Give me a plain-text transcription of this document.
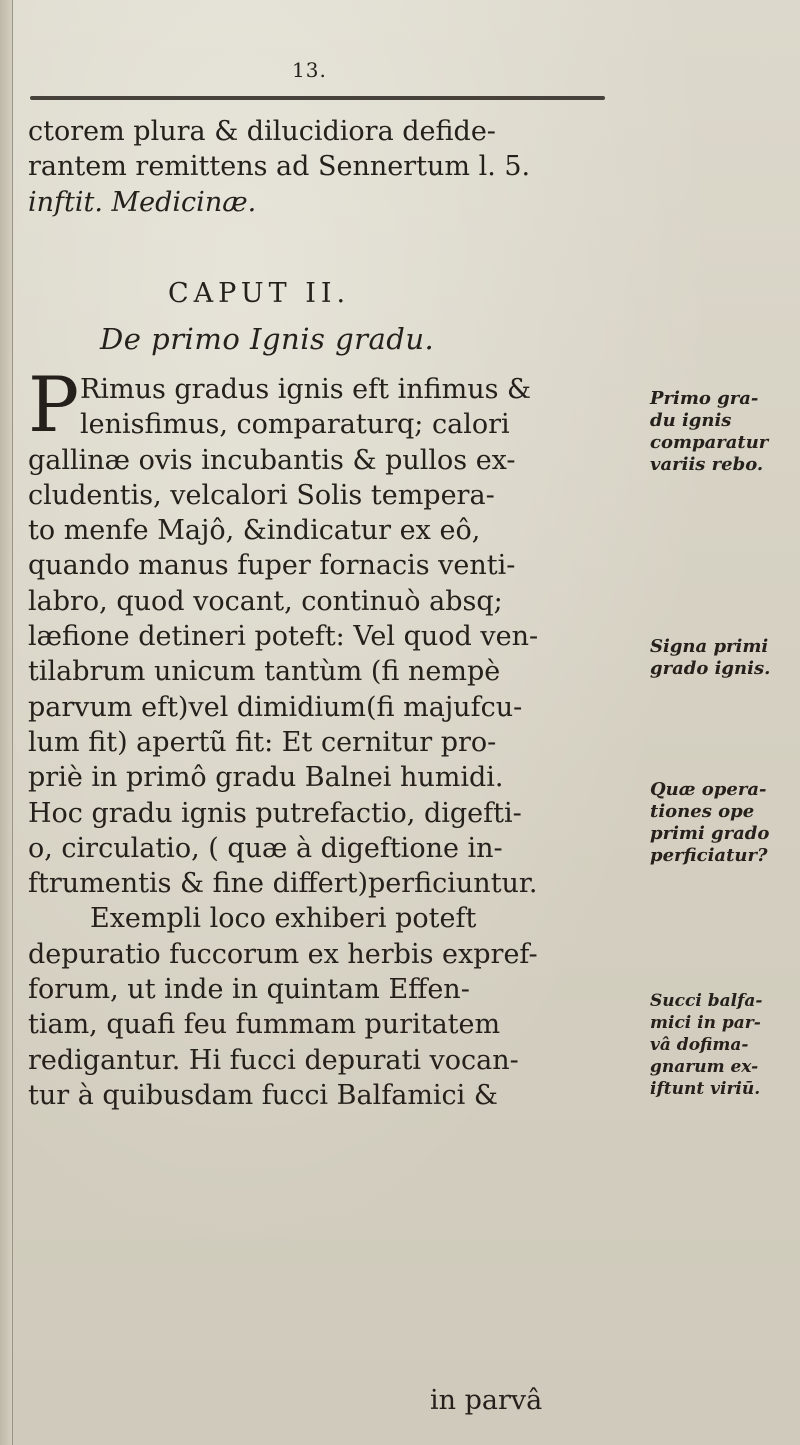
13.
ctorem plura & dilucidiora defide-
rantem remittens ad Sennertum l. 5.
inftit. Medicinæ.
CAPUT II.
De primo Ignis gradu.
P Rimus gradus ignis eft infimus &
lenisfimus, comparaturq; calori
gallinæ ovis incubantis & pullos ex-
cludentis, velcalori Solis tempera-
to menfe Majô, &indicatur ex eô,
quando manus fuper fornacis venti-
labro, quod vocant, continuò absq;
læfione detineri poteft: Vel quod ven-
tilabrum unicum tantùm (fi nempè
parvum eft)vel dimidium(fi majufcu-
lum fit) apertũ fit: Et cernitur pro-
priè in primô gradu Balnei humidi.
Hoc gradu ignis putrefactio, digefti-
o, circulatio, ( quæ à digeftione in-
ftrumentis & fine differt)perficiuntur.
Exempli loco exhiberi poteft
depuratio fuccorum ex herbis expref-
forum, ut inde in quintam Effen-
tiam, quafi feu fummam puritatem
redigantur. Hi fucci depurati vocan-
tur à quibusdam fucci Balfamici &
Primo gra-
du ignis
comparatur
variis rebo.
Signa primi
grado ignis.
Quæ opera-
tiones ope
primi grado
perficiatur?
Succi balfa-
mici in par-
vâ dofima-
gnarum ex-
iftunt viriū.
in parvâ
